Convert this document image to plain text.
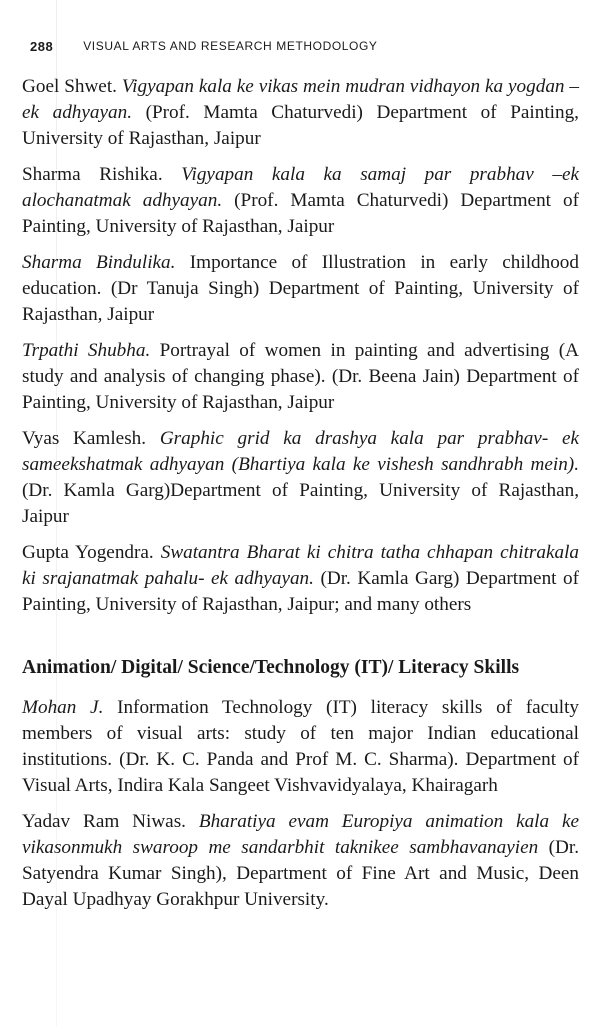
288	VISUAL ARTS AND RESEARCH METHODOLOGY

Goel Shwet. Vigyapan kala ke vikas mein mudran vidhayon ka yogdan –ek adhyayan. (Prof. Mamta Chaturvedi) Department of Painting, University of Rajasthan, Jaipur

Sharma Rishika. Vigyapan kala ka samaj par prabhav –ek alochanatmak adhyayan. (Prof. Mamta Chaturvedi) Department of Painting, University of Rajasthan, Jaipur

Sharma Bindulika. Importance of Illustration in early childhood education. (Dr Tanuja Singh) Department of Painting, University of Rajasthan, Jaipur

Trpathi Shubha. Portrayal of women in painting and advertising (A study and analysis of changing phase). (Dr. Beena Jain) Department of Painting, University of Rajasthan, Jaipur

Vyas Kamlesh. Graphic grid ka drashya kala par prabhav- ek sameekshatmak adhyayan (Bhartiya kala ke vishesh sandhrabh mein). (Dr. Kamla Garg)Department of Painting, University of Rajasthan, Jaipur

Gupta Yogendra. Swatantra Bharat ki chitra tatha chhapan chitrakala ki srajanatmak pahalu- ek adhyayan. (Dr. Kamla Garg) Department of Painting, University of Rajasthan, Jaipur; and many others

Animation/ Digital/ Science/Technology (IT)/ Literacy Skills

Mohan J. Information Technology (IT) literacy skills of faculty members of visual arts: study of ten major Indian educational institutions. (Dr. K. C. Panda and Prof M. C. Sharma). Department of Visual Arts, Indira Kala Sangeet Vishvavidyalaya, Khairagarh

Yadav Ram Niwas. Bharatiya evam Europiya animation kala ke vikasonmukh swaroop me sandarbhit taknikee sambhavanayien (Dr. Satyendra Kumar Singh), Department of Fine Art and Music, Deen Dayal Upadhyay Gorakhpur University.
